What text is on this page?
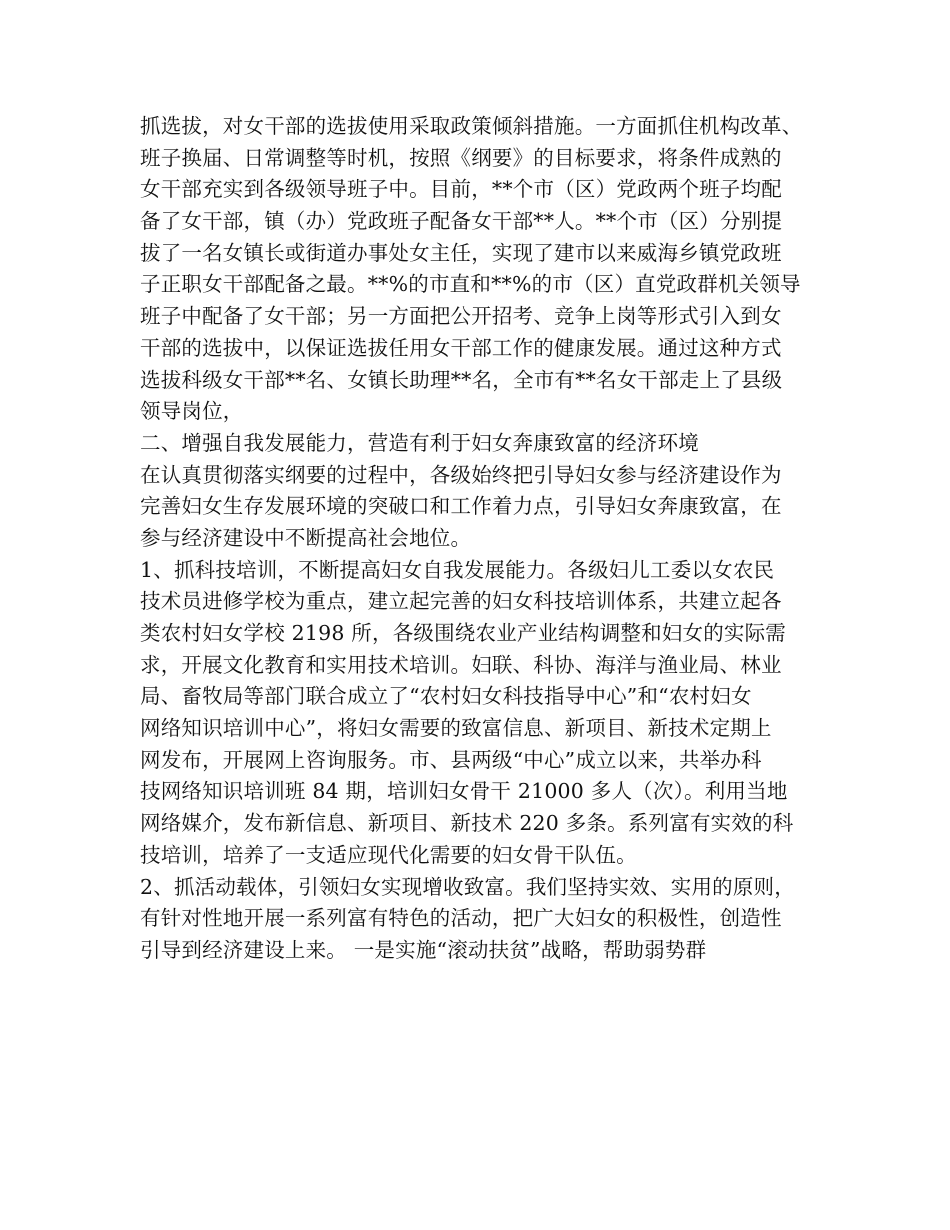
抓选拔，对女干部的选拔使用采取政策倾斜措施。一方面抓住机构改革、
班子换届、日常调整等时机，按照《纲要》的目标要求，将条件成熟的
女干部充实到各级领导班子中。目前，**个市（区）党政两个班子均配
备了女干部，镇（办）党政班子配备女干部**人。**个市（区）分别提
拔了一名女镇长或街道办事处女主任，实现了建市以来威海乡镇党政班
子正职女干部配备之最。**%的市直和**%的市（区）直党政群机关领导
班子中配备了女干部；另一方面把公开招考、竞争上岗等形式引入到女
干部的选拔中，以保证选拔任用女干部工作的健康发展。通过这种方式
选拔科级女干部**名、女镇长助理**名，全市有**名女干部走上了县级
领导岗位，
二、增强自我发展能力，营造有利于妇女奔康致富的经济环境
在认真贯彻落实纲要的过程中，各级始终把引导妇女参与经济建设作为
完善妇女生存发展环境的突破口和工作着力点，引导妇女奔康致富，在
参与经济建设中不断提高社会地位。
1、抓科技培训，不断提高妇女自我发展能力。各级妇儿工委以女农民
技术员进修学校为重点，建立起完善的妇女科技培训体系，共建立起各
类农村妇女学校 2198 所，各级围绕农业产业结构调整和妇女的实际需
求，开展文化教育和实用技术培训。妇联、科协、海洋与渔业局、林业
局、畜牧局等部门联合成立了“农村妇女科技指导中心”和“农村妇女
网络知识培训中心”，将妇女需要的致富信息、新项目、新技术定期上
网发布，开展网上咨询服务。市、县两级“中心”成立以来，共举办科
技网络知识培训班 84 期，培训妇女骨干 21000 多人（次）。利用当地
网络媒介，发布新信息、新项目、新技术 220 多条。系列富有实效的科
技培训，培养了一支适应现代化需要的妇女骨干队伍。
2、抓活动载体，引领妇女实现增收致富。我们坚持实效、实用的原则，
有针对性地开展一系列富有特色的活动，把广大妇女的积极性，创造性
引导到经济建设上来。 一是实施“滚动扶贫”战略，帮助弱势群
